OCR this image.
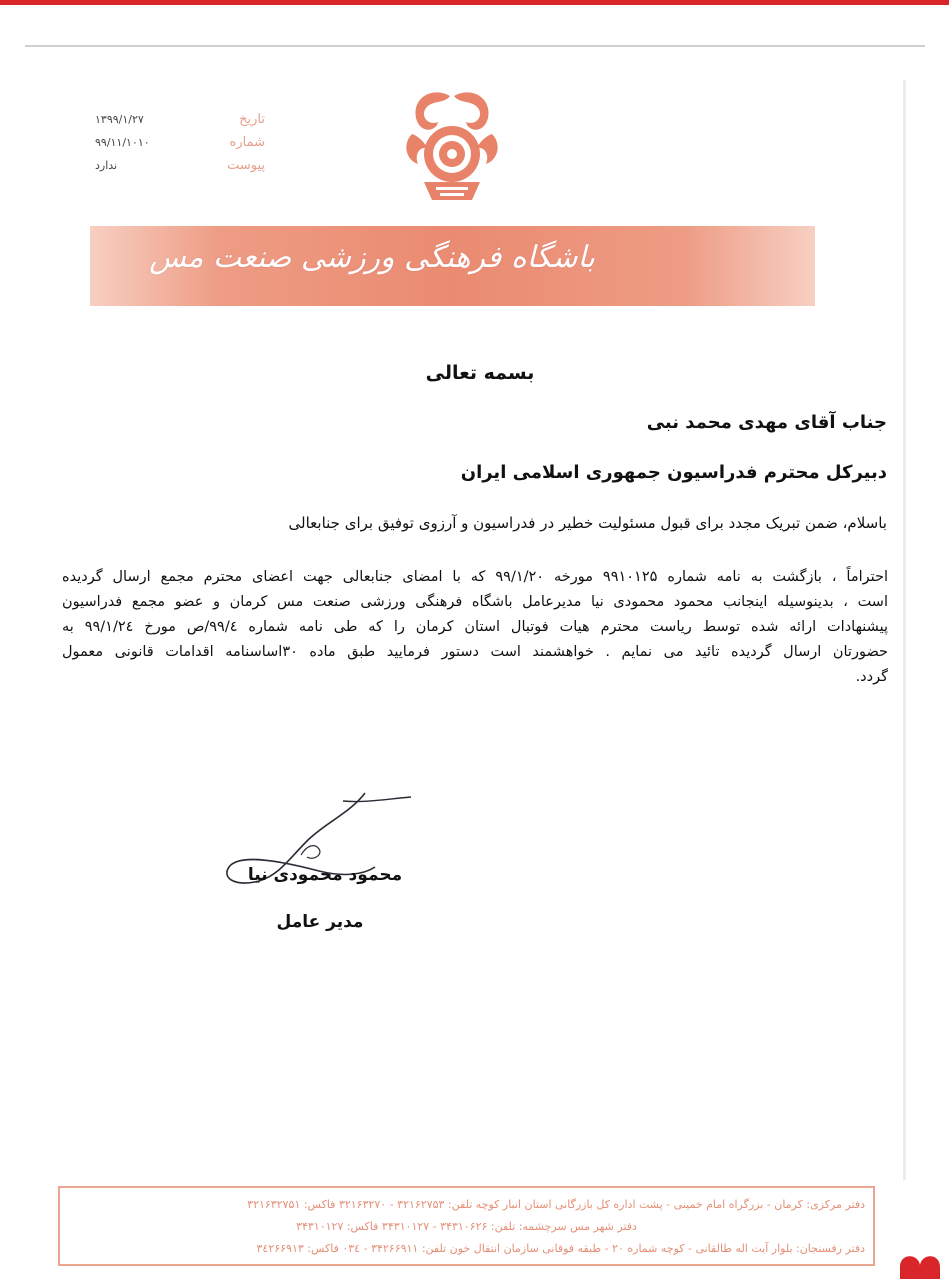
تاریخ
۱۳۹۹/۱/۲۷
شماره
۹۹/۱۱/۱۰۱۰
پیوست
ندارد
باشگاه فرهنگی ورزشی صنعت مس
بسمه تعالی
جناب آقای مهدی محمد نبی
دبیرکل محترم فدراسیون جمهوری اسلامی ایران
باسلام، ضمن تبریک مجدد برای قبول مسئولیت خطیر در فدراسیون و آرزوی توفیق برای جنابعالی
احتراماً ، بازگشت به نامه شماره ۹۹۱۰۱۲۵ مورخه ۹۹/۱/۲۰ که با امضای جنابعالی جهت اعضای محترم مجمع ارسال گردیده
است ، بدینوسیله اینجانب محمود محمودی نیا مدیرعامل باشگاه فرهنگی ورزشی صنعت مس کرمان و عضو مجمع فدراسیون
پیشنهادات ارائه شده توسط ریاست محترم هیات فوتبال استان کرمان را که طی نامه شماره ۹۹/٤/ص مورخ ۹۹/۱/۲٤ به
حضورتان ارسال گردیده تائید می نمایم . خواهشمند است دستور فرمایید طبق ماده ۳۰اساسنامه اقدامات قانونی معمول
گردد.
محمود محمودی نیا
مدیر عامل
دفتر مرکزی: کرمان - بزرگراه امام خمینی - پشت اداره کل بازرگانی استان انبار کوچه تلفن: ۳۲۱۶۲۷۵۳ - ۳۲۱۶۳۲۷۰ فاکس: ۳۲۱۶۳۲۷۵۱
دفتر شهر مس سرچشمه: تلفن: ۳۴۳۱۰۶۲۶ - ۳۴۳۱۰۱۲۷ فاکس: ۳۴۳۱۰۱۲۷
دفتر رفسنجان: بلوار آیت اله طالقانی - کوچه شماره ۲۰ - طبقه فوقانی سازمان انتقال خون تلفن: ۳۴۲۶۶۹۱۱ - ۰۳٤ فاکس: ۳٤۲۶۶۹۱۳
